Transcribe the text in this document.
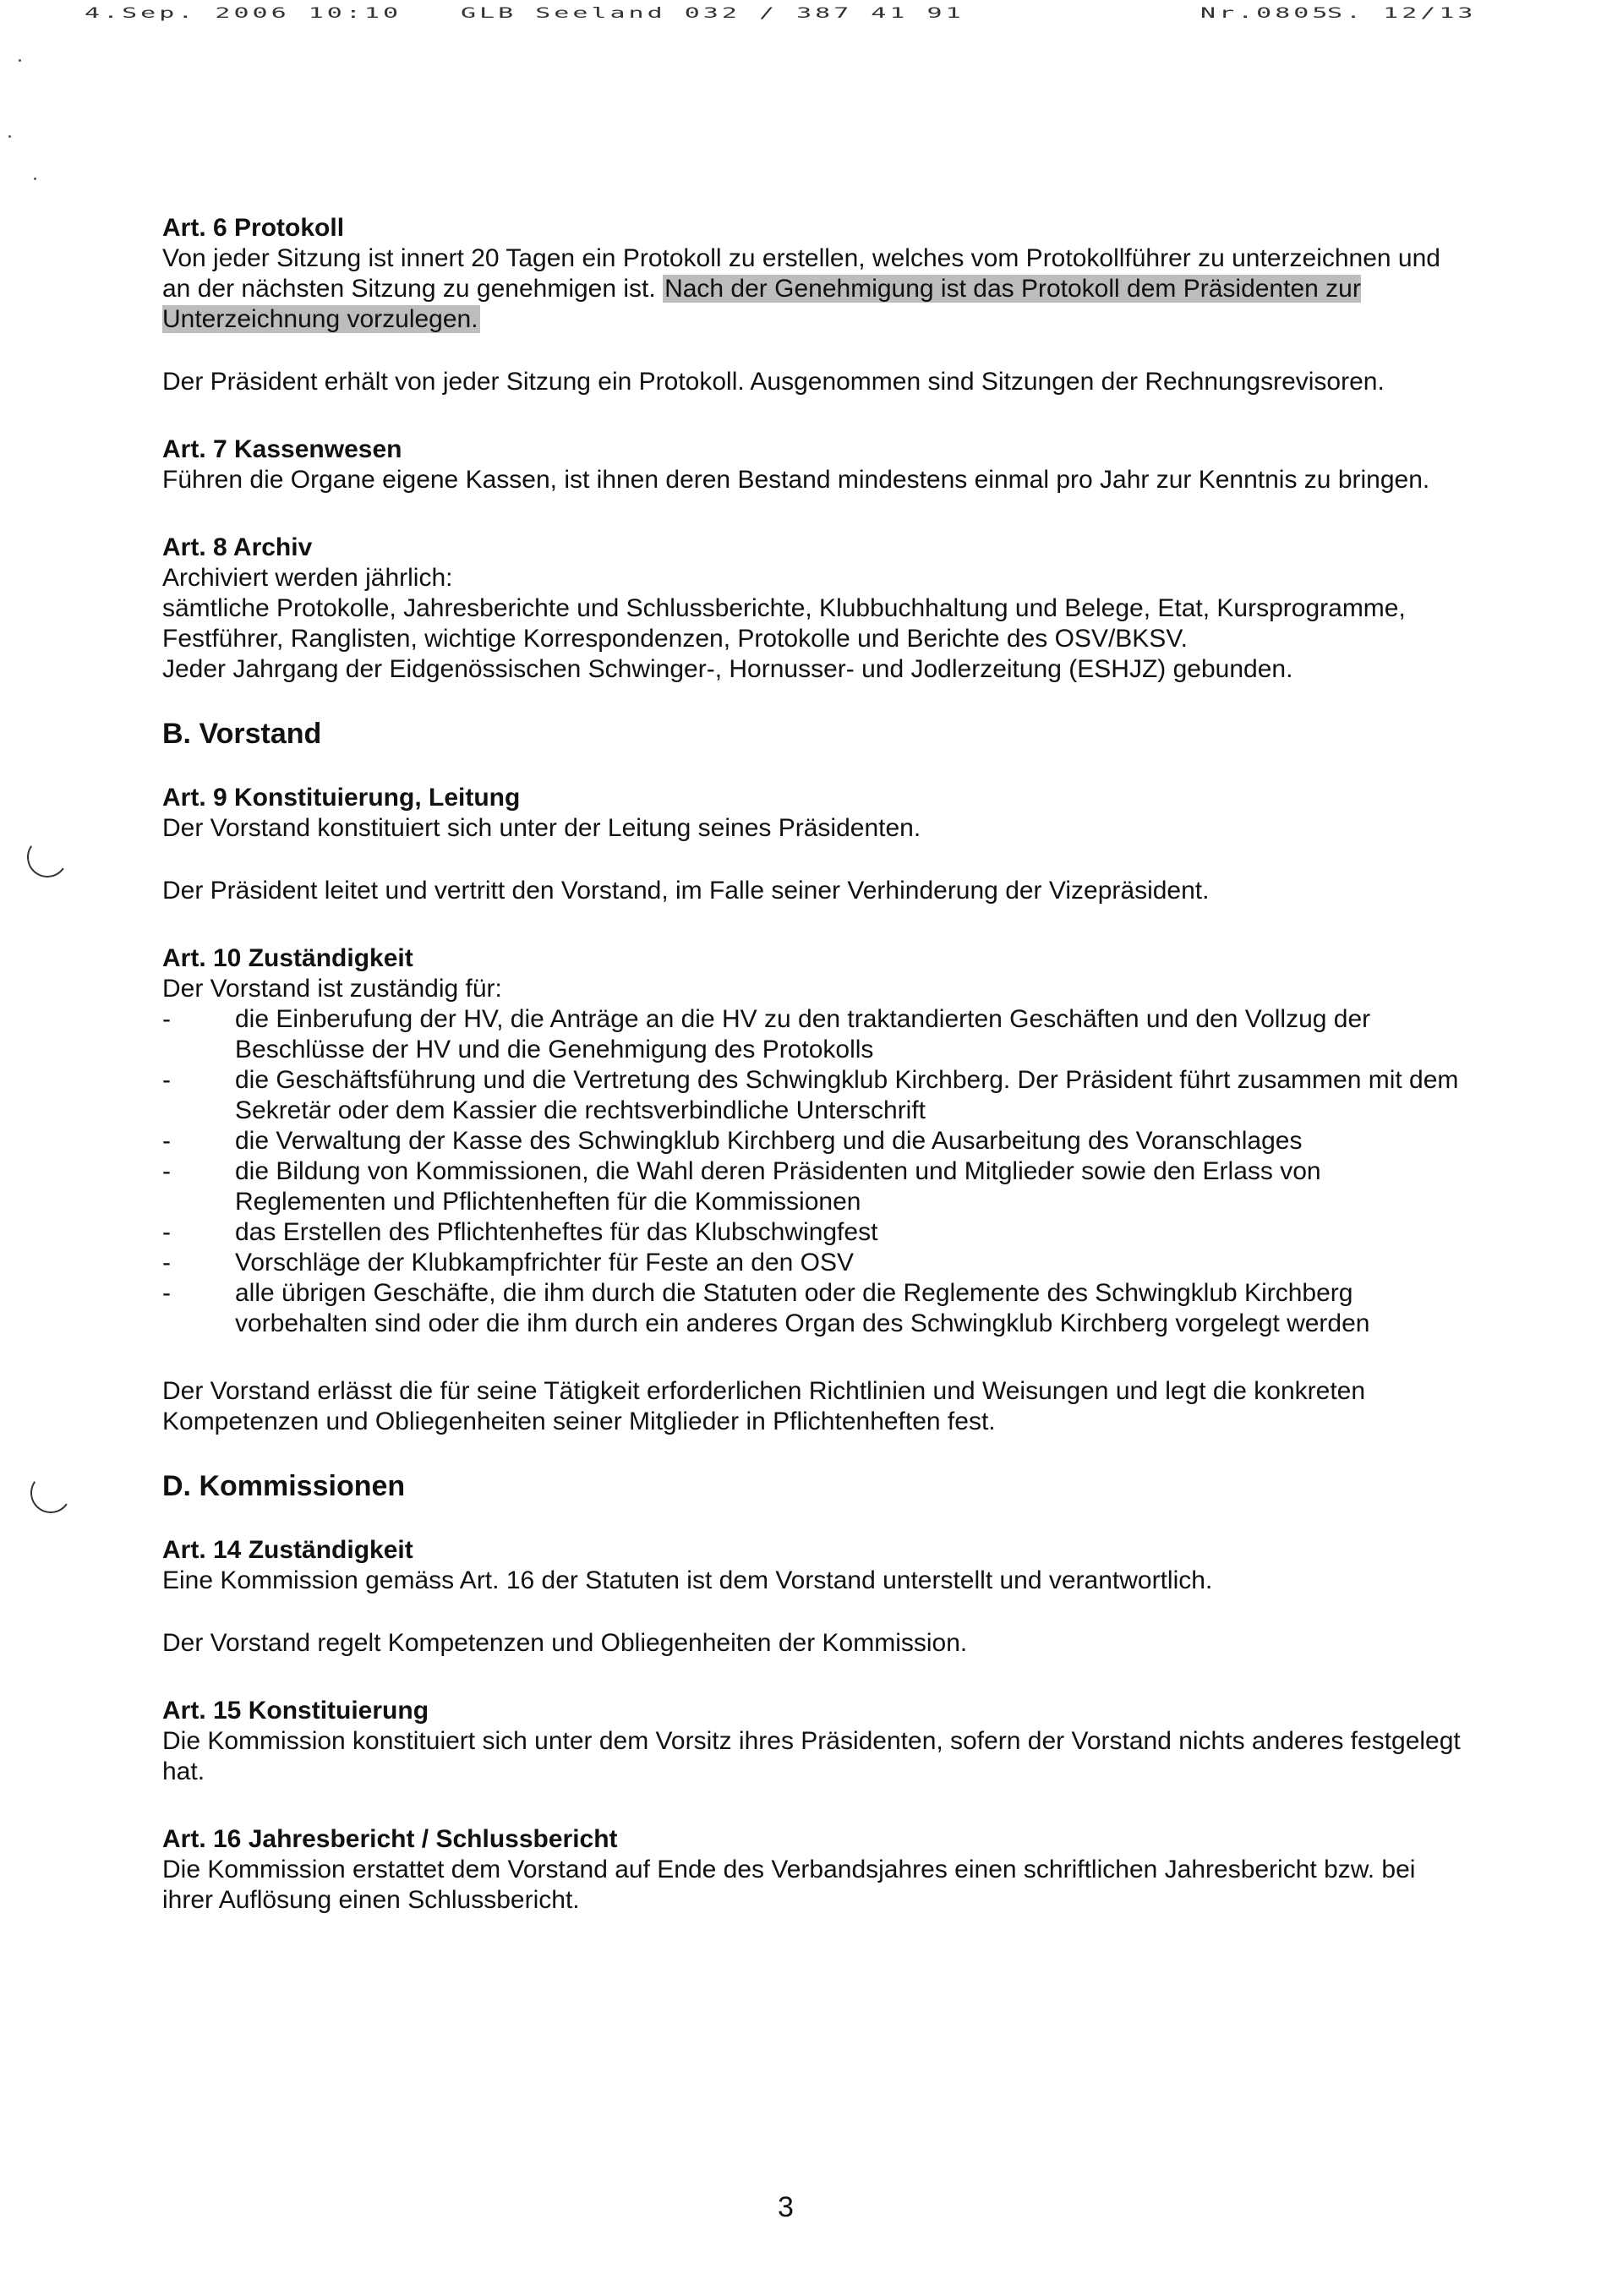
4.Sep. 2006 10:10 GLB Seeland 032 / 387 41 91	Nr.0805
S. 12/13
Art. 6 Protokoll

Von jeder Sitzung ist innert 20 Tagen ein Protokoll zu erstellen, welches vom Protokollführer zu unterzeichnen und an der nächsten Sitzung zu genehmigen ist. Nach der Genehmigung ist das Protokoll dem Präsidenten zur Unterzeichnung vorzulegen.

Der Präsident erhält von jeder Sitzung ein Protokoll. Ausgenommen sind Sitzungen der Rechnungsrevisoren.

Art. 7 Kassenwesen

Führen die Organe eigene Kassen, ist ihnen deren Bestand mindestens einmal pro Jahr zur Kenntnis zu bringen.

Art. 8 Archiv

Archiviert werden jährlich:

sämtliche Protokolle, Jahresberichte und Schlussberichte, Klubbuchhaltung und Belege, Etat, Kursprogramme, Festführer, Ranglisten, wichtige Korrespondenzen, Protokolle und Berichte des OSV/BKSV.

Jeder Jahrgang der Eidgenössischen Schwinger-, Hornusser- und Jodlerzeitung (ESHJZ) gebunden.

B. Vorstand
Art. 9 Konstituierung, Leitung

Der Vorstand konstituiert sich unter der Leitung seines Präsidenten.

Der Präsident leitet und vertritt den Vorstand, im Falle seiner Verhinderung der Vizepräsident.

Art. 10 Zuständigkeit

Der Vorstand ist zuständig für:

-	die Einberufung der HV, die Anträge an die HV zu den traktandierten Geschäften und den Vollzug der Beschlüsse der HV und die Genehmigung des Protokolls
-	die Geschäftsführung und die Vertretung des Schwingklub Kirchberg. Der Präsident führt zusammen mit dem Sekretär oder dem Kassier die rechtsverbindliche Unterschrift
-	die Verwaltung der Kasse des Schwingklub Kirchberg und die Ausarbeitung des Voranschlages
-	die Bildung von Kommissionen, die Wahl deren Präsidenten und Mitglieder sowie den Erlass von Reglementen und Pflichtenheften für die Kommissionen
-	das Erstellen des Pflichtenheftes für das Klubschwingfest
-	Vorschläge der Klubkampfrichter für Feste an den OSV
-	alle übrigen Geschäfte, die ihm durch die Statuten oder die Reglemente des Schwingklub Kirchberg vorbehalten sind oder die ihm durch ein anderes Organ des Schwingklub Kirchberg vorgelegt werden

Der Vorstand erlässt die für seine Tätigkeit erforderlichen Richtlinien und Weisungen und legt die konkreten Kompetenzen und Obliegenheiten seiner Mitglieder in Pflichtenheften fest.

D. Kommissionen
Art. 14 Zuständigkeit

Eine Kommission gemäss Art. 16 der Statuten ist dem Vorstand unterstellt und verantwortlich.

Der Vorstand regelt Kompetenzen und Obliegenheiten der Kommission.

Art. 15 Konstituierung

Die Kommission konstituiert sich unter dem Vorsitz ihres Präsidenten, sofern der Vorstand nichts anderes festgelegt hat.

Art. 16 Jahresbericht / Schlussbericht

Die Kommission erstattet dem Vorstand auf Ende des Verbandsjahres einen schriftlichen Jahresbericht bzw. bei ihrer Auflösung einen Schlussbericht.

3
